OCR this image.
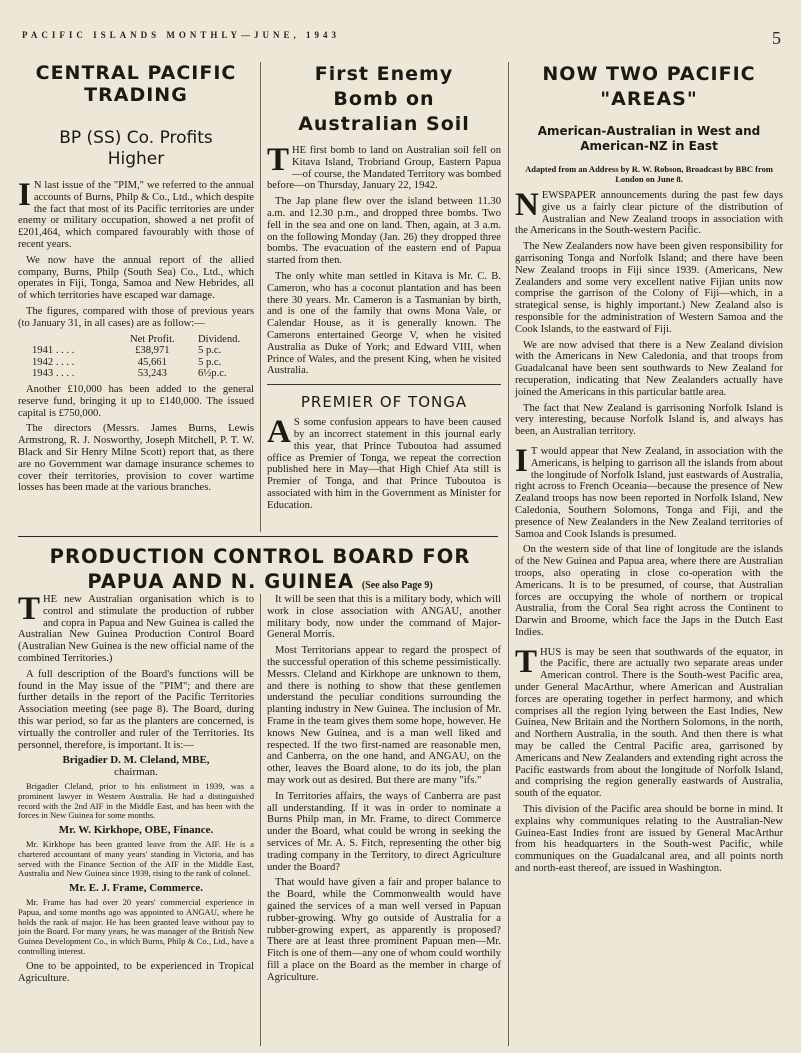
PACIFIC ISLANDS MONTHLY—JUNE, 1943	5
CENTRAL PACIFIC TRADING
BP (SS) Co. Profits Higher

I N last issue of the "PIM," we referred to the annual accounts of Burns, Philp & Co., Ltd., which despite the fact that most of its Pacific territories are under enemy or military occupation, showed a net profit of £201,464, which compared favourably with those of recent years.

We now have the annual report of the allied company, Burns, Philp (South Sea) Co., Ltd., which operates in Fiji, Tonga, Samoa and New Hebrides, all of which territories have escaped war damage.

The figures, compared with those of previous years (to January 31, in all cases) are as follow:—

Net Profit.	Dividend.
1941 . . . .	£38,971	5 p.c.
1942 . . . .	45,661	5 p.c.
1943 . . . .	53,243	6½p.c.

Another £10,000 has been added to the general reserve fund, bringing it up to £140,000. The issued capital is £750,000.

The directors (Messrs. James Burns, Lewis Armstrong, R. J. Nosworthy, Joseph Mitchell, P. T. W. Black and Sir Henry Milne Scott) report that, as there are no Government war damage insurance schemes to cover their territories, provision to cover wartime losses has been made at the various branches.

First Enemy Bomb on Australian Soil

THE first bomb to land on Australian soil fell on Kitava Island, Trobriand Group, Eastern Papua—of course, the Mandated Territory was bombed before—on Thursday, January 22, 1942.

The Jap plane flew over the island between 11.30 a.m. and 12.30 p.m., and dropped three bombs. Two fell in the sea and one on land. Then, again, at 3 a.m. on the following Monday (Jan. 26) they dropped three bombs. The evacuation of the eastern end of Papua started from then.

The only white man settled in Kitava is Mr. C. B. Cameron, who has a coconut plantation and has been there 30 years. Mr. Cameron is a Tasmanian by birth, and is one of the family that owns Mona Vale, or Calendar House, as it is generally known. The Camerons entertained George V, when he visited Australia as Duke of York; and Edward VIII, when Prince of Wales, and the present King, when he visited Australia.

PREMIER OF TONGA

A S some confusion appears to have been caused by an incorrect statement in this journal early this year, that Prince Tuboutoa had assumed office as Premier of Tonga, we repeat the correction published here in May—that High Chief Ata still is Premier of Tonga, and that Prince Tuboutoa is associated with him in the Government as Minister for Education.

PRODUCTION CONTROL BOARD FOR PAPUA AND N. GUINEA (See also Page 9)

THE new Australian organisation which is to control and stimulate the production of rubber and copra in Papua and New Guinea is called the Australian New Guinea Production Control Board (Australian New Guinea is the new official name of the combined Territories.)

A full description of the Board's functions will be found in the May issue of the "PIM"; and there are further details in the report of the Pacific Territories Association meeting (see page 8). The Board, during this war period, so far as the planters are concerned, is virtually the controller and ruler of the Territories. Its personnel, therefore, is important. It is:—

Brigadier D. M. Cleland, MBE,
chairman.

Brigadier Cleland, prior to his enlistment in 1939, was a prominent lawyer in Western Australia. He had a distinguished record with the 2nd AIF in the Middle East, and has been with the forces in New Guinea for some months.

Mr. W. Kirkhope, OBE, Finance.

Mr. Kirkhope has been granted leave from the AIF. He is a chartered accountant of many years' standing in Victoria, and has served with the Finance Section of the AIF in the Middle East, Australia and New Guinea since 1939, rising to the rank of colonel.

Mr. E. J. Frame, Commerce.

Mr. Frame has had over 20 years' commercial experience in Papua, and some months ago was appointed to ANGAU, where he holds the rank of major. He has been granted leave without pay to join the Board. For many years, he was manager of the British New Guinea Development Co., in which Burns, Philp & Co., Ltd., have a controlling interest.

One to be appointed, to be experienced in Tropical Agriculture.

It will be seen that this is a military body, which will work in close association with ANGAU, another military body, now under the command of Major-General Morris.

Most Territorians appear to regard the prospect of the successful operation of this scheme pessimistically. Messrs. Cleland and Kirkhope are unknown to them, and there is nothing to show that these gentlemen understand the peculiar conditions surrounding the planting industry in New Guinea. The inclusion of Mr. Frame in the team gives them some hope, however. He knows New Guinea, and is a man well liked and respected. If the two first-named are reasonable men, and Canberra, on the one hand, and ANGAU, on the other, leaves the Board alone, to do its job, the plan may work out as desired. But there are many "ifs."

In Territories affairs, the ways of Canberra are past all understanding. If it was in order to nominate a Burns Philp man, in Mr. Frame, to direct Commerce under the Board, what could be wrong in seeking the services of Mr. A. S. Fitch, representing the other big trading company in the Territory, to direct Agriculture under the Board?

That would have given a fair and proper balance to the Board, while the Commonwealth would have gained the services of a man well versed in Papuan rubber-growing. Why go outside of Australia for a rubber-growing expert, as apparently is proposed? There are at least three prominent Papuan men—Mr. Fitch is one of them—any one of whom could worthily fill a place on the Board as the member in charge of Agriculture.

NOW TWO PACIFIC "AREAS"
American-Australian in West and American-NZ in East
Adapted from an Address by R. W. Robson, Broadcast by BBC from London on June 8.

NEWSPAPER announcements during the past few days give us a fairly clear picture of the distribution of Australian and New Zealand troops in association with the Americans in the South-western Pacific.

The New Zealanders now have been given responsibility for garrisoning Tonga and Norfolk Island; and there have been New Zealand troops in Fiji since 1939. (Americans, New Zealanders and some very excellent native Fijian units now comprise the garrison of the Colony of Fiji—which, in a strategical sense, is highly important.) New Zealand also is responsible for the administration of Western Samoa and the Cook Islands, to the eastward of Fiji.

We are now advised that there is a New Zealand division with the Americans in New Caledonia, and that troops from Guadalcanal have been sent southwards to New Zealand for recuperation, indicating that New Zealanders actually have joined the Americans in this particular battle area.

The fact that New Zealand is garrisoning Norfolk Island is very interesting, because Norfolk Island is, and always has been, an Australian territory.

I T would appear that New Zealand, in association with the Americans, is helping to garrison all the islands from about the longitude of Norfolk Island, just eastwards of Australia, right across to French Oceania—because the presence of New Zealand troops has now been reported in Norfolk Island, New Caledonia, Southern Solomons, Tonga and Fiji, and the presence of New Zealanders in the New Zealand territories of Samoa and Cook Islands is presumed.

On the western side of that line of longitude are the islands of the New Guinea and Papua area, where there are Australian troops, also operating in close co-operation with the Americans. It is to be presumed, of course, that Australian forces are occupying the whole of northern or tropical Australia, from the Coral Sea right across the Continent to Darwin and Broome, which face the Japs in the Dutch East Indies.

THUS is may be seen that southwards of the equator, in the Pacific, there are actually two separate areas under American control. There is the South-west Pacific area, under General MacArthur, where American and Australian forces are operating together in perfect harmony, and which comprises all the region lying between the East Indies, New Guinea, New Britain and the Northern Solomons, in the north, and Northern Australia, in the south. And then there is what may be called the Central Pacific area, garrisoned by Americans and New Zealanders and extending right across the Pacific eastwards from about the longitude of Norfolk Island, and comprising the region generally eastwards of Australia, south of the equator.

This division of the Pacific area should be borne in mind. It explains why communiques relating to the Australian-New Guinea-East Indies front are issued by General MacArthur from his headquarters in the South-west Pacific, while communiques on the Guadalcanal area, and all points north and north-east thereof, are issued in Washington.
